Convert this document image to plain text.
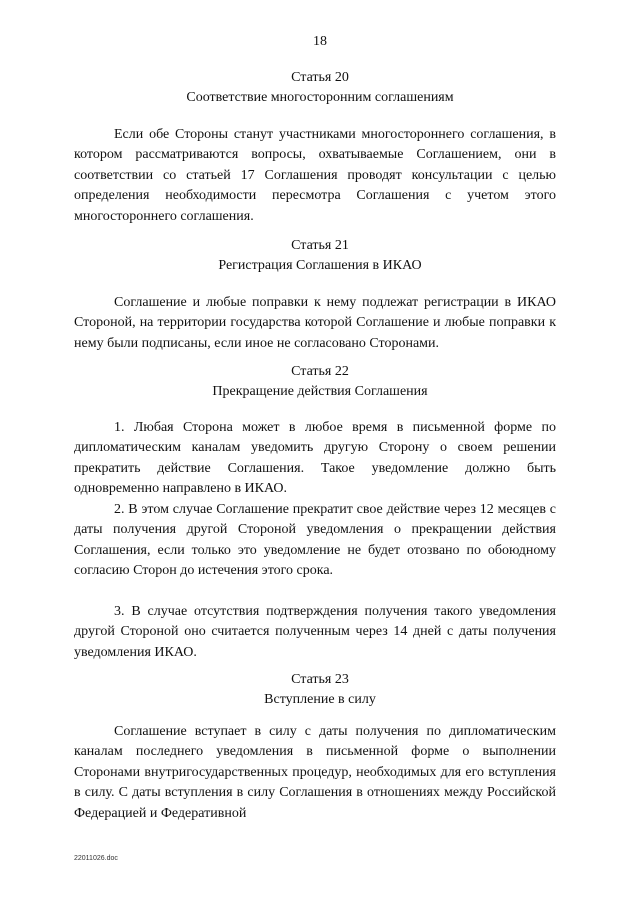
18
Статья 20
Соответствие многосторонним соглашениям
Если обе Стороны станут участниками многостороннего соглашения, в котором рассматриваются вопросы, охватываемые Соглашением, они в соответствии со статьей 17 Соглашения проводят консультации с целью определения необходимости пересмотра Соглашения с учетом этого многостороннего соглашения.
Статья 21
Регистрация Соглашения в ИКАО
Соглашение и любые поправки к нему подлежат регистрации в ИКАО Стороной, на территории государства которой Соглашение и любые поправки к нему были подписаны, если иное не согласовано Сторонами.
Статья 22
Прекращение действия Соглашения
1. Любая Сторона может в любое время в письменной форме по дипломатическим каналам уведомить другую Сторону о своем решении прекратить действие Соглашения. Такое уведомление должно быть одновременно направлено в ИКАО.
2. В этом случае Соглашение прекратит свое действие через 12 месяцев с даты получения другой Стороной уведомления о прекращении действия Соглашения, если только это уведомление не будет отозвано по обоюдному согласию Сторон до истечения этого срока.
3. В случае отсутствия подтверждения получения такого уведомления другой Стороной оно считается полученным через 14 дней с даты получения уведомления ИКАО.
Статья 23
Вступление в силу
Соглашение вступает в силу с даты получения по дипломатическим каналам последнего уведомления в письменной форме о выполнении Сторонами внутригосударственных процедур, необходимых для его вступления в силу. С даты вступления в силу Соглашения в отношениях между Российской Федерацией и Федеративной
22011026.doc
